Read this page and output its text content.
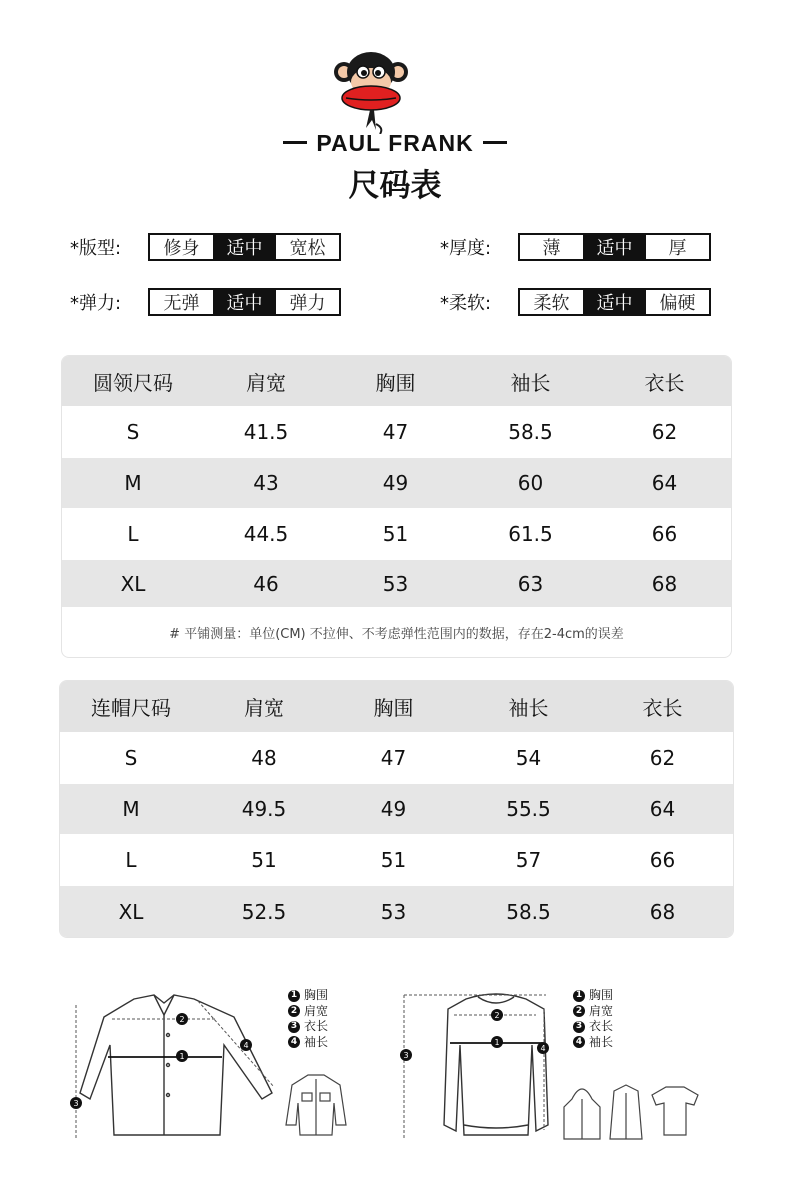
PAUL FRANK
尺码表
*版型:	修身	适中	宽松	*厚度:	薄	适中	厚
*弹力:	无弹	适中	弹力	*柔软:	柔软	适中	偏硬
圆领尺码	肩宽	胸围	袖长	衣长
S	41.5	47	58.5	62
M	43	49	60	64
L	44.5	51	61.5	66
XL	46	53	63	68
# 平铺测量：单位(CM) 不拉伸、不考虑弹性范围内的数据，存在2-4cm的误差
连帽尺码	肩宽	胸围	袖长	衣长
S	48	47	54	62
M	49.5	49	55.5	64
L	51	51	57	66
XL	52.5	53	58.5	68
1
2
3
4
1 胸围
2 肩宽
3 衣长
4 袖长	1
2
3
4
1 胸围
2 肩宽
3 衣长
4 袖长
